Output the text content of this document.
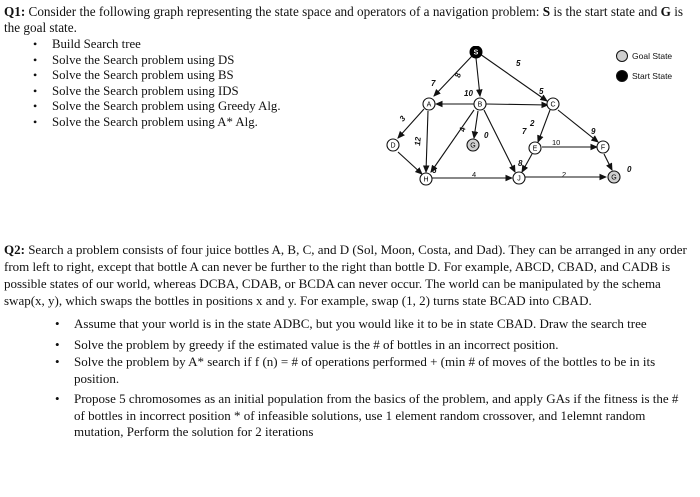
Q1: Consider the following graph representing the state space and operators of a navigation problem: S is the start state and G is the goal state.

• Build Search tree
• Solve the Search problem using DS
• Solve the Search problem using BS
• Solve the Search problem using IDS
• Solve the Search problem using Greedy Alg.
• Solve the Search problem using A* Alg.
8
7
10
4
5
3
5
12
6
0
2
7
10
8
9
4	2
0
S
A	B	C
D
H
G	E
J
F
G
Goal State
Start State

Q2: Search a problem consists of four juice bottles A, B, C, and D (Sol, Moon, Costa, and Dad). They can be arranged in any order from left to right, except that bottle A can never be further to the right than bottle D. For example, ABCD, CBAD, and CADB is possible states of our world, whereas DCBA, CDAB, or BCDA can never occur. The world can be manipulated by the schema swap(x, y), which swaps the bottles in positions x and y. For example, swap (1, 2) turns state BCAD into CBAD.

• Assume that your world is in the state ADBC, but you would like it to be in state CBAD. Draw the search tree
• Solve the problem by greedy if the estimated value is the # of bottles in an incorrect position.
• Solve the problem by A* search if f (n) = # of operations performed + (min # of moves of the bottles to be in its position.
• Propose 5 chromosomes as an initial population from the basics of the problem, and apply GAs if the fitness is the # of bottles in incorrect position * of infeasible solutions, use 1 element random crossover, and 1elemnt random mutation, Perform the solution for 2 iterations
